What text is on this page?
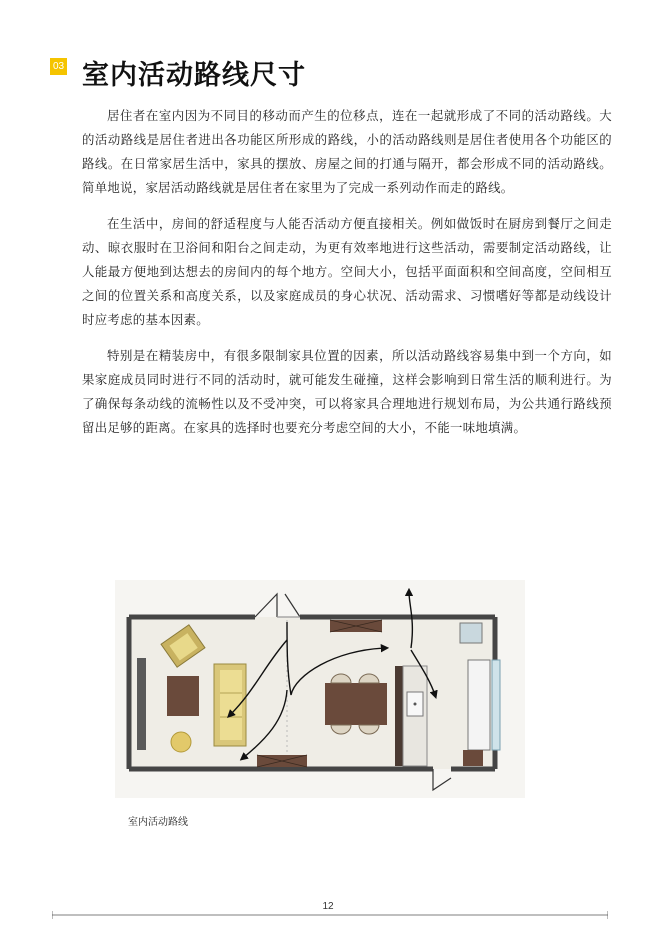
03 室内活动路线尺寸

居住者在室内因为不同目的移动而产生的位移点，连在一起就形成了不同的活动路线。大的活动路线是居住者进出各功能区所形成的路线，小的活动路线则是居住者使用各个功能区的路线。在日常家居生活中，家具的摆放、房屋之间的打通与隔开，都会形成不同的活动路线。简单地说，家居活动路线就是居住者在家里为了完成一系列动作而走的路线。

在生活中，房间的舒适程度与人能否活动方便直接相关。例如做饭时在厨房到餐厅之间走动、晾衣服时在卫浴间和阳台之间走动，为更有效率地进行这些活动，需要制定活动路线，让人能最方便地到达想去的房间内的每个地方。空间大小，包括平面面积和空间高度，空间相互之间的位置关系和高度关系，以及家庭成员的身心状况、活动需求、习惯嗜好等都是动线设计时应考虑的基本因素。

特别是在精装房中，有很多限制家具位置的因素，所以活动路线容易集中到一个方向，如果家庭成员同时进行不同的活动时，就可能发生碰撞，这样会影响到日常生活的顺利进行。为了确保每条动线的流畅性以及不受冲突，可以将家具合理地进行规划布局，为公共通行路线预留出足够的距离。在家具的选择时也要充分考虑空间的大小，不能一味地填满。

室内活动路线
12
